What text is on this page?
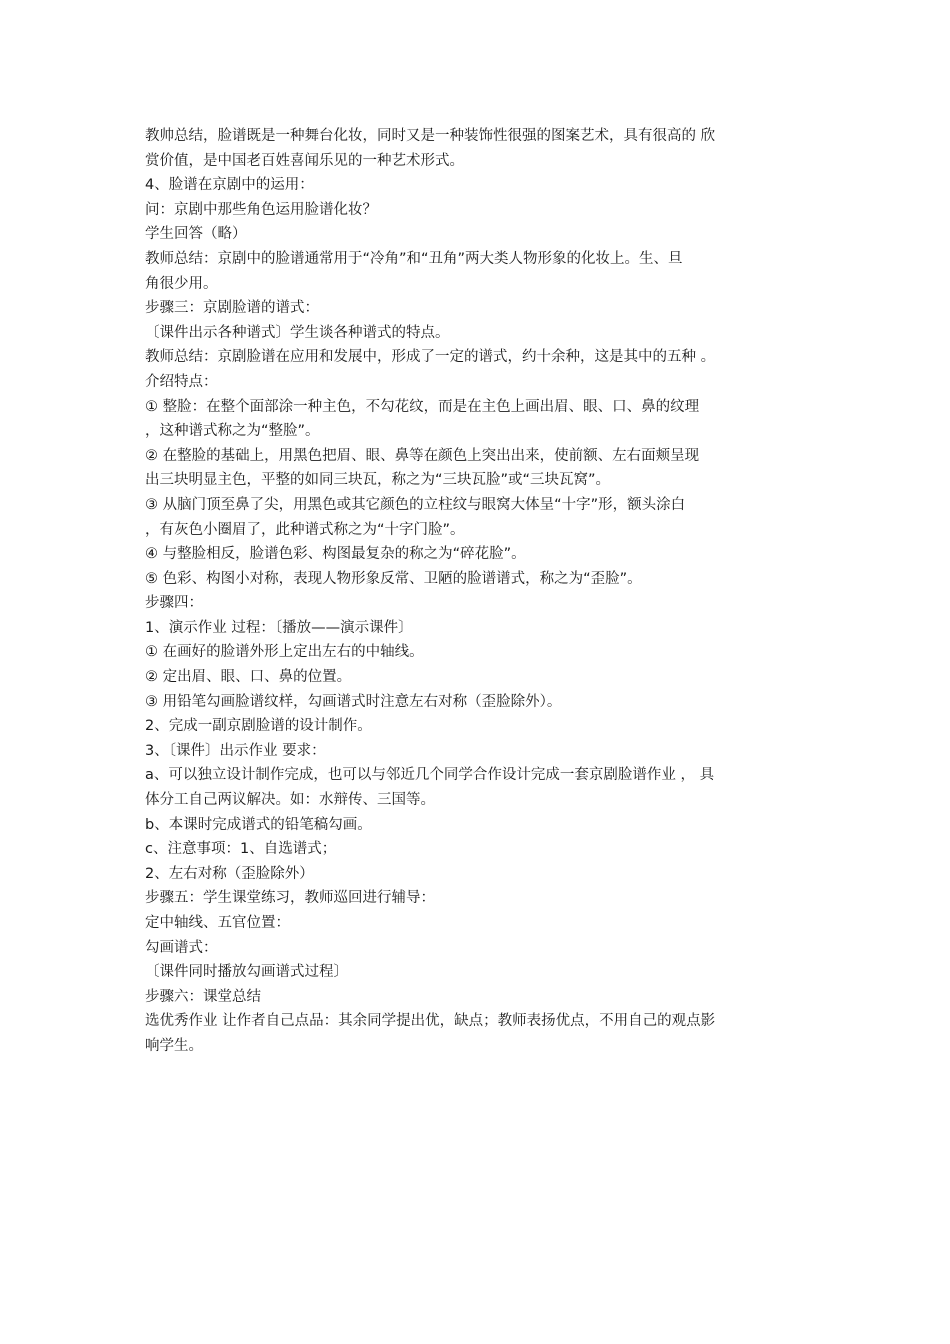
教帅总结，脸谱既是一种舞台化妆，同时又是一种装饰性很强的图案艺术，具有很高的 欣
赏价值，是中国老百姓喜闻乐见的一种艺术形式。
4、脸谱在京剧中的运用：
问：京剧中那些角色运用脸谱化妆？
学生回答（略）
教师总结：京剧中的脸谱通常用于“冷角”和“丑角”两大类人物形象的化妆上。生、旦
角很少用。
步骤三：京剧脸谱的谱式：
〔课件出示各种谱式〕学生谈各种谱式的特点。
教师总结：京剧脸谱在应用和发展中，形成了一定的谱式，约十余种，这是其中的五种 。
介绍特点：
① 整脸：在整个面部涂一种主色，不勾花纹，而是在主色上画出眉、眼、口、鼻的纹理
，这种谱式称之为“整脸”。
② 在整脸的基础上，用黑色把眉、眼、鼻等在颜色上突出出来，使前额、左右面颊呈现
出三块明显主色，平整的如同三块瓦，称之为“三块瓦脸”或“三块瓦窝”。
③ 从脑门顶至鼻了尖，用黑色或其它颜色的立柱纹与眼窝大体呈“十字”形，额头涂白
，有灰色小圈眉了，此种谱式称之为“十字门脸”。
④ 与整脸相反，脸谱色彩、构图最复杂的称之为“碎花脸”。
⑤ 色彩、构图小对称，表现人物形象反常、卫陋的脸谱谱式，称之为“歪脸”。
步骤四：
1、演示作业 过程：〔播放——演示课件〕
① 在画好的脸谱外形上定出左右的中轴线。
② 定出眉、眼、口、鼻的位置。
③ 用铅笔勾画脸谱纹样，勾画谱式时注意左右对称（歪脸除外）。
2、完成一副京剧脸谱的设计制作。
3、〔课件〕出示作业 要求：
a、可以独立设计制作完成，也可以与邻近几个同学合作设计完成一套京剧脸谱作业 ， 具
体分工自己两议解决。如：水辩传、三国等。
b、本课时完成谱式的铅笔稿勾画。
c、注意事项：1、自选谱式；
2、左右对称（歪脸除外）
步骤五：学生课堂练习，教师巡回进行辅导：
定中轴线、五官位置：
勾画谱式：
〔课件同时播放勾画谱式过程〕
步骤六：课堂总结
选优秀作业 让作者自己点品：其余同学提出优，缺点；教师表扬优点，不用自己的观点影
响学生。
